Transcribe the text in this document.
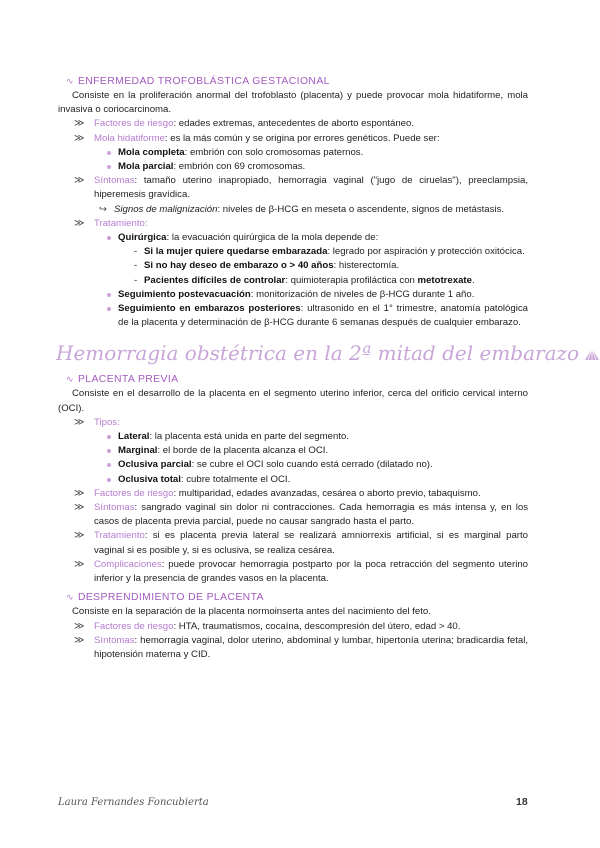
∿ ENFERMEDAD TROFOBLÁSTICA GESTACIONAL
Consiste en la proliferación anormal del trofoblasto (placenta) y puede provocar mola hidatiforme, mola invasiva o coriocarcinoma.
≫ Factores de riesgo: edades extremas, antecedentes de aborto espontáneo.
≫ Mola hidatiforme: es la más común y se origina por errores genéticos. Puede ser:
Mola completa: embrión con solo cromosomas paternos.
Mola parcial: embrión con 69 cromosomas.
≫ Síntomas: tamaño uterino inapropiado, hemorragia vaginal ("jugo de ciruelas"), preeclampsia, hiperemesis gravídica.
↪ Signos de malignización: niveles de β-HCG en meseta o ascendente, signos de metástasis.
≫ Tratamiento:
Quirúrgica: la evacuación quirúrgica de la mola depende de:
- Si la mujer quiere quedarse embarazada: legrado por aspiración y protección oxitócica.
- Si no hay deseo de embarazo o > 40 años: histerectomía.
- Pacientes difíciles de controlar: quimioterapia profiláctica con metotrexate.
Seguimiento postevacuación: monitorización de niveles de β-HCG durante 1 año.
Seguimiento en embarazos posteriores: ultrasonido en el 1° trimestre, anatomía patológica de la placenta y determinación de β-HCG durante 6 semanas después de cualquier embarazo.
Hemorragia obstétrica en la 2ª mitad del embarazo
∿ PLACENTA PREVIA
Consiste en el desarrollo de la placenta en el segmento uterino inferior, cerca del orificio cervical interno (OCI).
≫ Tipos:
Lateral: la placenta está unida en parte del segmento.
Marginal: el borde de la placenta alcanza el OCI.
Oclusiva parcial: se cubre el OCI solo cuando está cerrado (dilatado no).
Oclusiva total: cubre totalmente el OCI.
≫ Factores de riesgo: multiparidad, edades avanzadas, cesárea o aborto previo, tabaquismo.
≫ Síntomas: sangrado vaginal sin dolor ni contracciones. Cada hemorragia es más intensa y, en los casos de placenta previa parcial, puede no causar sangrado hasta el parto.
≫ Tratamiento: si es placenta previa lateral se realizará amniorrexis artificial, si es marginal parto vaginal si es posible y, si es oclusiva, se realiza cesárea.
≫ Complicaciones: puede provocar hemorragia postparto por la poca retracción del segmento uterino inferior y la presencia de grandes vasos en la placenta.
∿ DESPRENDIMIENTO DE PLACENTA
Consiste en la separación de la placenta normoinserta antes del nacimiento del feto.
≫ Factores de riesgo: HTA, traumatismos, cocaína, descompresión del útero, edad > 40.
≫ Síntomas: hemorragia vaginal, dolor uterino, abdominal y lumbar, hipertonía uterina; bradicardia fetal, hipotensión materna y CID.
Laura Fernandes Foncubierta	18
